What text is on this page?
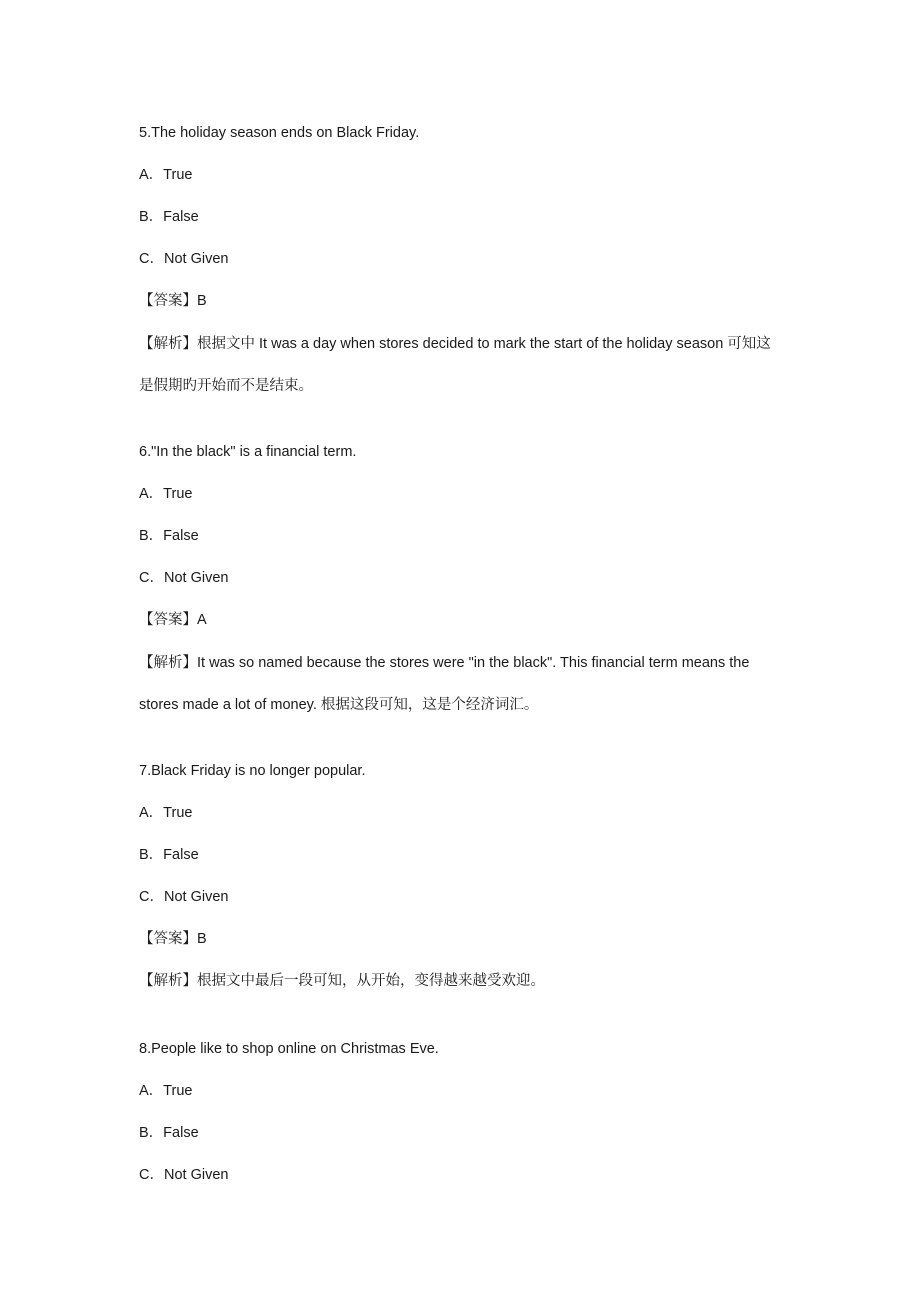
5.The holiday season ends on Black Friday.
A．True
B．False
C．Not Given
【答案】B
【解析】根据文中 It was a day when stores decided to mark the start of the holiday season 可知这是假期旳开始而不是结束。
6."In the black" is a financial term.
A．True
B．False
C．Not Given
【答案】A
【解析】It was so named because the stores were "in the black". This financial term means the stores made a lot of money. 根据这段可知，这是个经济词汇。
7.Black Friday is no longer popular.
A．True
B．False
C．Not Given
【答案】B
【解析】根据文中最后一段可知，从开始，变得越来越受欢迎。
8.People like to shop online on Christmas Eve.
A．True
B．False
C．Not Given
